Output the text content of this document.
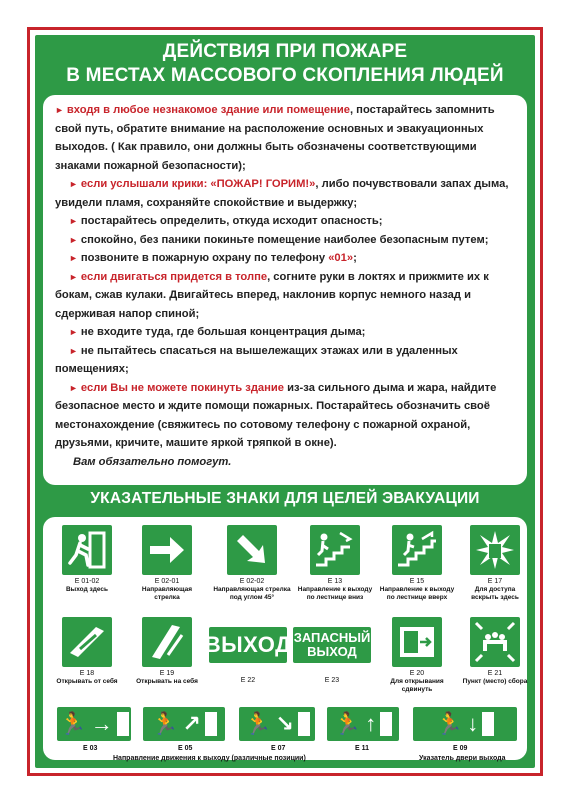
ДЕЙСТВИЯ ПРИ ПОЖАРЕ
В МЕСТАХ МАССОВОГО СКОПЛЕНИЯ ЛЮДЕЙ

► входя в любое незнакомое здание или помещение, постарайтесь запомнить свой путь, обратите внимание на расположение основных и эвакуационных выходов. ( Как правило, они должны быть обозначены соответствующими знаками пожарной безопасности);

► если услышали крики: «ПОЖАР! ГОРИМ!», либо почувствовали запах дыма, увидели пламя, сохраняйте спокойствие и выдержку;

► постарайтесь определить, откуда исходит опасность;

► спокойно, без паники покиньте помещение наиболее безопасным путем;

► позвоните в пожарную охрану по телефону «01»;

► если двигаться придется в толпе, согните руки в локтях и прижмите их к бокам, сжав кулаки. Двигайтесь вперед, наклонив корпус немного назад и сдерживая напор спиной;

► не входите туда, где большая концентрация дыма;

► не пытайтесь спасаться на вышележащих этажах или в удаленных помещениях;

► если Вы не можете покинуть здание из-за сильного дыма и жара, найдите безопасное место и ждите помощи пожарных. Постарайтесь обозначить своё местонахождение (свяжитесь по сотовому телефону с пожарной охраной, друзьями, кричите, машите яркой тряпкой в окне).

Вам обязательно помогут.

УКАЗАТЕЛЬНЫЕ ЗНАКИ ДЛЯ ЦЕЛЕЙ ЭВАКУАЦИИ
E 01-02
Выход здесь
E 02-01
Направляющая стрелка
E 02-02
Направляющая стрелка под углом 45°
E 13
Направление к выходу по лестнице вниз
E 15
Направление к выходу по лестнице вверх
E 17
Для доступа вскрыть здесь
E 18
Открывать от себя
E 19
Открывать на себя
ВЫХОД
E 22
ЗАПАСНЫЙ
ВЫХОД
E 23
E 20
Для открывания сдвинуть
E 21
Пункт (место) сбора
🏃 → 🏃 ↗ 🏃 ↘ 🏃 ↑	🏃 ↓
E 03	E 05	E 07	E 11	E 09
Направление движения к выходу (различные позиции)	Указатель двери выхода
